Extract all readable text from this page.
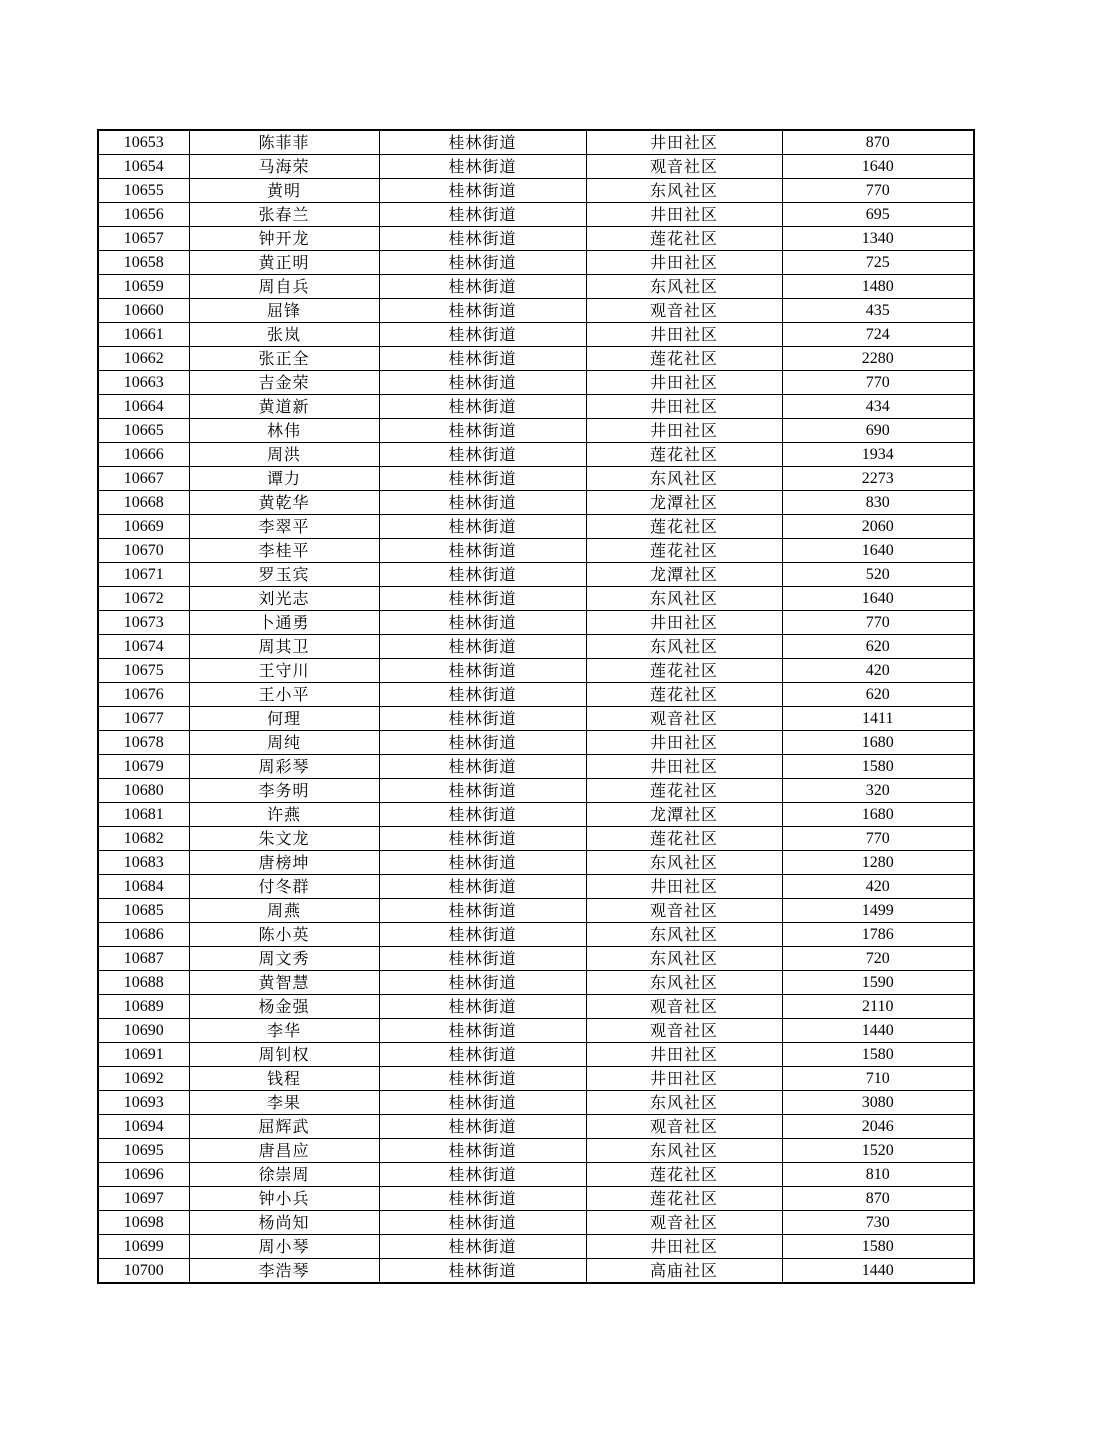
10653	陈菲菲	桂林街道	井田社区	870
10654	马海荣	桂林街道	观音社区	1640
10655	黄明	桂林街道	东风社区	770
10656	张春兰	桂林街道	井田社区	695
10657	钟开龙	桂林街道	莲花社区	1340
10658	黄正明	桂林街道	井田社区	725
10659	周自兵	桂林街道	东风社区	1480
10660	屈锋	桂林街道	观音社区	435
10661	张岚	桂林街道	井田社区	724
10662	张正全	桂林街道	莲花社区	2280
10663	吉金荣	桂林街道	井田社区	770
10664	黄道新	桂林街道	井田社区	434
10665	林伟	桂林街道	井田社区	690
10666	周洪	桂林街道	莲花社区	1934
10667	谭力	桂林街道	东风社区	2273
10668	黄乾华	桂林街道	龙潭社区	830
10669	李翠平	桂林街道	莲花社区	2060
10670	李桂平	桂林街道	莲花社区	1640
10671	罗玉宾	桂林街道	龙潭社区	520
10672	刘光志	桂林街道	东风社区	1640
10673	卜通勇	桂林街道	井田社区	770
10674	周其卫	桂林街道	东风社区	620
10675	王守川	桂林街道	莲花社区	420
10676	王小平	桂林街道	莲花社区	620
10677	何理	桂林街道	观音社区	1411
10678	周纯	桂林街道	井田社区	1680
10679	周彩琴	桂林街道	井田社区	1580
10680	李务明	桂林街道	莲花社区	320
10681	许燕	桂林街道	龙潭社区	1680
10682	朱文龙	桂林街道	莲花社区	770
10683	唐榜坤	桂林街道	东风社区	1280
10684	付冬群	桂林街道	井田社区	420
10685	周燕	桂林街道	观音社区	1499
10686	陈小英	桂林街道	东风社区	1786
10687	周文秀	桂林街道	东风社区	720
10688	黄智慧	桂林街道	东风社区	1590
10689	杨金强	桂林街道	观音社区	2110
10690	李华	桂林街道	观音社区	1440
10691	周钊权	桂林街道	井田社区	1580
10692	钱程	桂林街道	井田社区	710
10693	李果	桂林街道	东风社区	3080
10694	屈辉武	桂林街道	观音社区	2046
10695	唐昌应	桂林街道	东风社区	1520
10696	徐崇周	桂林街道	莲花社区	810
10697	钟小兵	桂林街道	莲花社区	870
10698	杨尚知	桂林街道	观音社区	730
10699	周小琴	桂林街道	井田社区	1580
10700	李浩琴	桂林街道	高庙社区	1440
